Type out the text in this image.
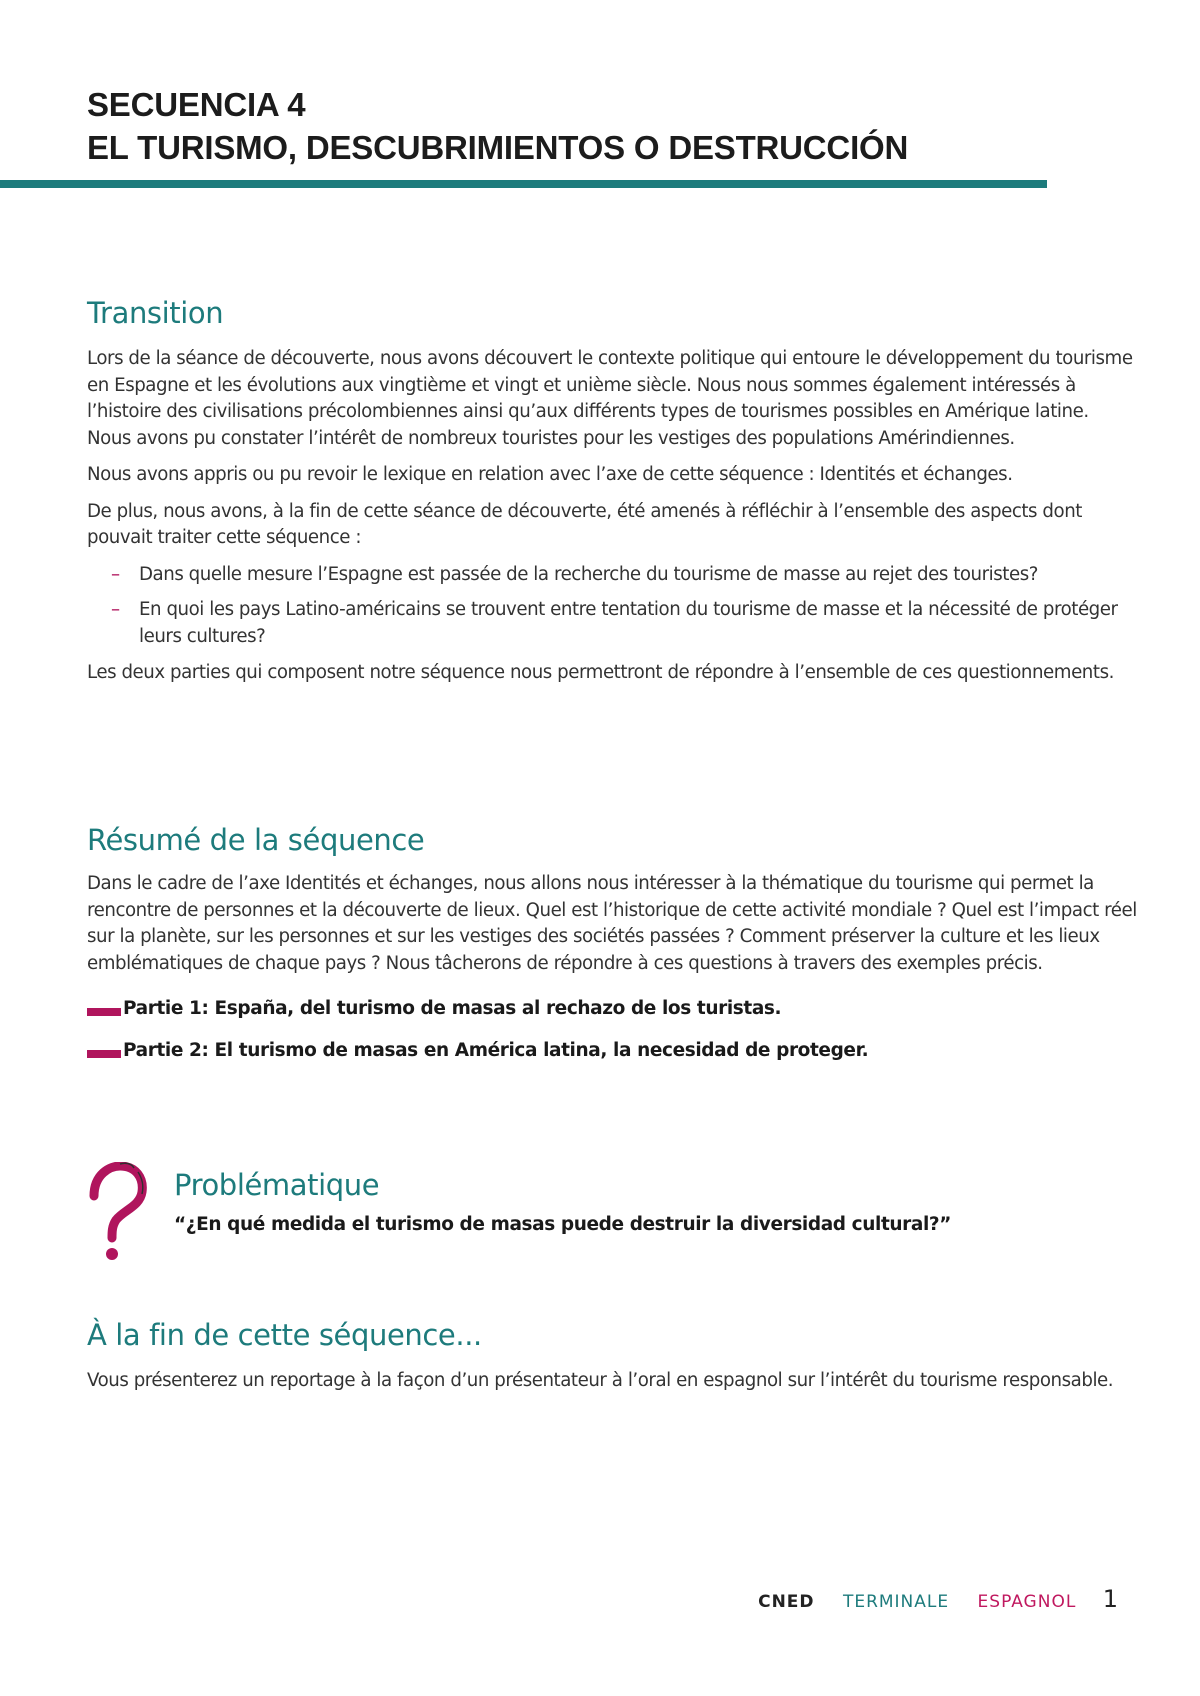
SECUENCIA 4
EL TURISMO, DESCUBRIMIENTOS O DESTRUCCIÓN
Transition

Lors de la séance de découverte, nous avons découvert le contexte politique qui entoure le développement du tourisme en Espagne et les évolutions aux vingtième et vingt et unième siècle. Nous nous sommes également intéressés à l’histoire des civilisations précolombiennes ainsi qu’aux différents types de tourismes possibles en Amérique latine. Nous avons pu constater l’intérêt de nombreux touristes pour les vestiges des populations Amérindiennes.

Nous avons appris ou pu revoir le lexique en relation avec l’axe de cette séquence : Identités et échanges.

De plus, nous avons, à la fin de cette séance de découverte, été amenés à réfléchir à l’ensemble des aspects dont pouvait traiter cette séquence :

– Dans quelle mesure l’Espagne est passée de la recherche du tourisme de masse au rejet des touristes?
– En quoi les pays Latino-américains se trouvent entre tentation du tourisme de masse et la nécessité de protéger leurs cultures?

Les deux parties qui composent notre séquence nous permettront de répondre à l’ensemble de ces questionnements.

Résumé de la séquence

Dans le cadre de l’axe Identités et échanges, nous allons nous intéresser à la thématique du tourisme qui permet la rencontre de personnes et la découverte de lieux. Quel est l’historique de cette activité mondiale ? Quel est l’impact réel sur la planète, sur les personnes et sur les vestiges des sociétés passées ? Comment préserver la culture et les lieux emblématiques de chaque pays ? Nous tâcherons de répondre à ces questions à travers des exemples précis.

Partie 1: España, del turismo de masas al rechazo de los turistas.
Partie 2: El turismo de masas en América latina, la necesidad de proteger.
Problématique
“¿En qué medida el turismo de masas puede destruir la diversidad cultural?”
À la fin de cette séquence...

Vous présenterez un reportage à la façon d’un présentateur à l’oral en espagnol sur l’intérêt du tourisme responsable.

CNED TERMINALE ESPAGNOL 1
